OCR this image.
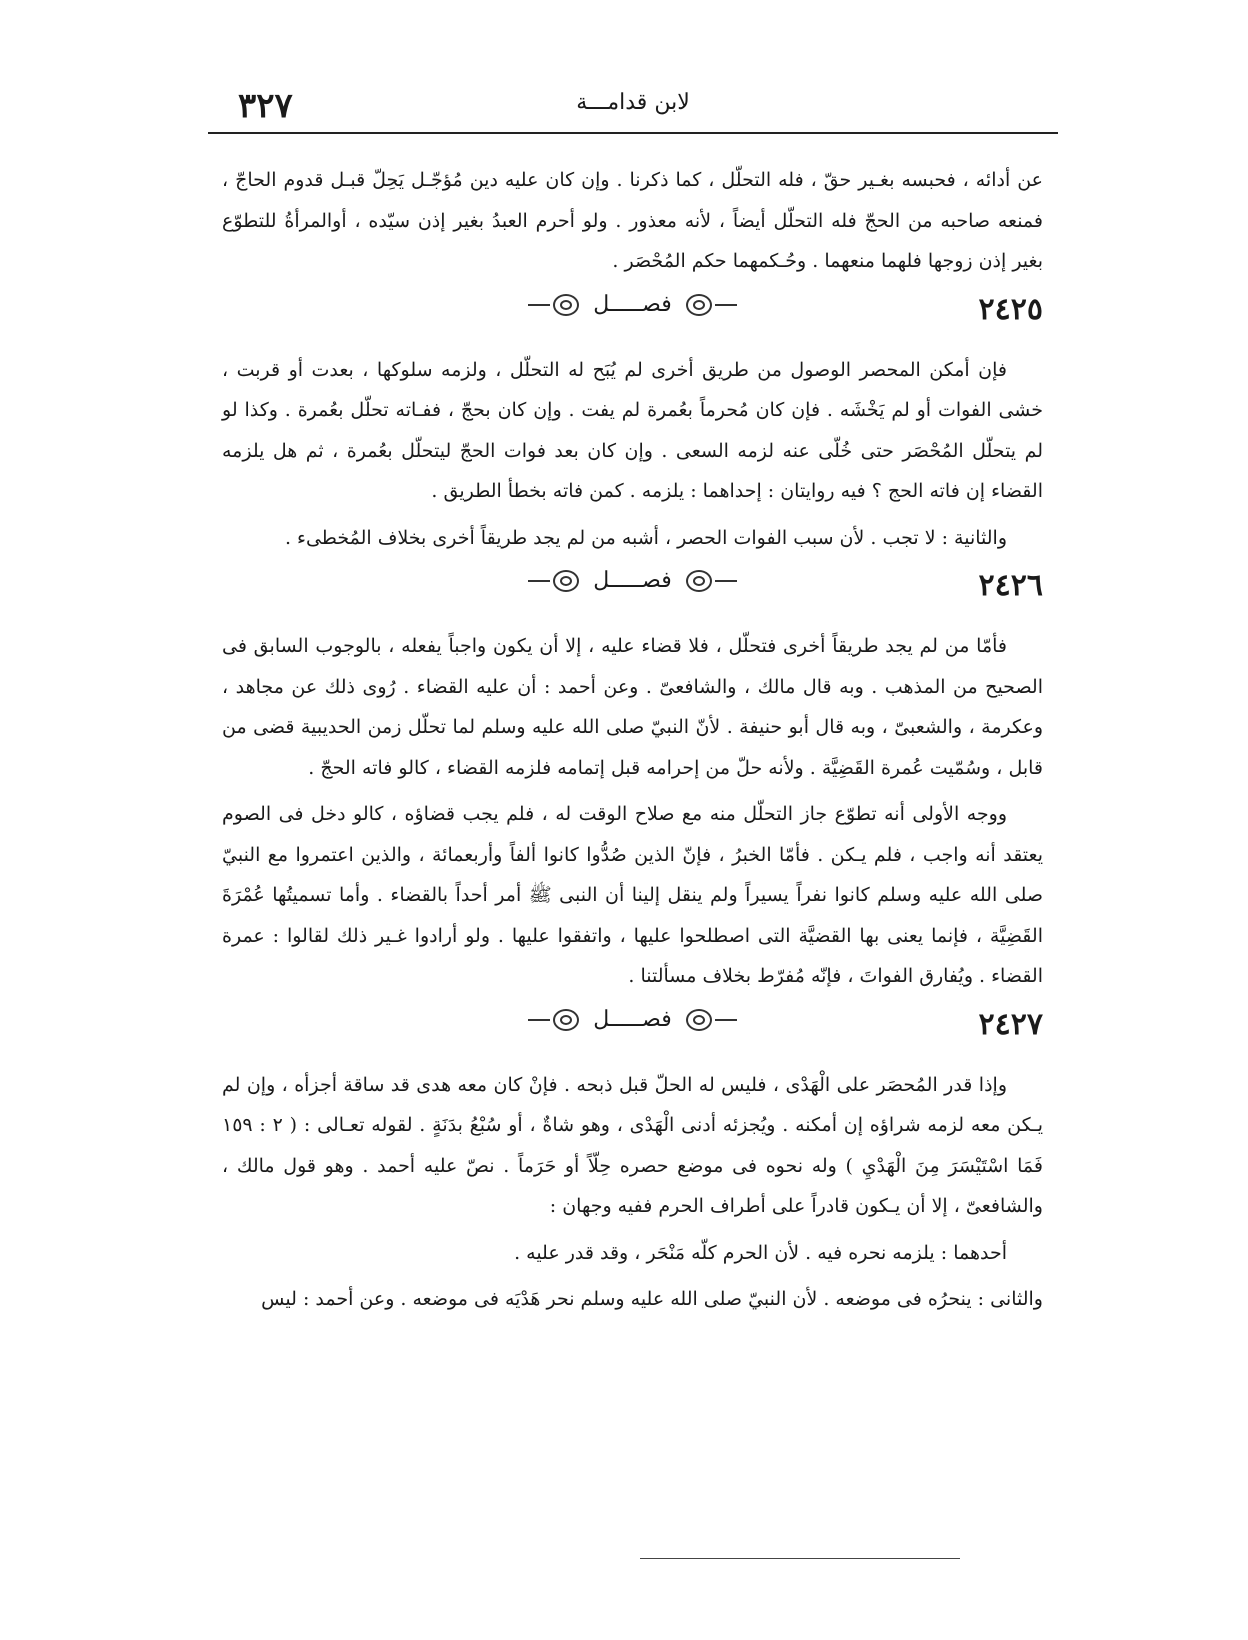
لابن قدامـــة
٣٢٧

عن أدائه ، فحبسه بغـير حقّ ، فله التحلّل ، كما ذكرنا . وإن كان عليه دين مُؤجّـل يَحِلّ قبـل قدوم الحاجّ ، فمنعه صاحبه من الحجّ فله التحلّل أيضاً ، لأنه معذور . ولو أحرم العبدُ بغير إذن سيّده ، أوالمرأةُ للتطوّع بغير إذن زوجها فلهما منعهما . وحُـكمهما حكم المُحْصَر .

٢٤٢٥
فصـــــل

فإن أمكن المحصر الوصول من طريق أخرى لم يُبَح له التحلّل ، ولزمه سلوكها ، بعدت أو قربت ، خشى الفوات أو لم يَخْشَه . فإن كان مُحرماً بعُمرة لم يفت . وإن كان بحجّ ، ففـاته تحلّل بعُمرة . وكذا لو لم يتحلّل المُحْصَر حتى خُلّى عنه لزمه السعى . وإن كان بعد فوات الحجّ ليتحلّل بعُمرة ، ثم هل يلزمه القضاء إن فاته الحج ؟ فيه روايتان : إحداهما : يلزمه . كمن فاته بخطأ الطريق .

والثانية : لا تجب . لأن سبب الفوات الحصر ، أشبه من لم يجد طريقاً أخرى بخلاف المُخطىء .

٢٤٢٦
فصـــــل

فأمّا من لم يجد طريقاً أخرى فتحلّل ، فلا قضاء عليه ، إلا أن يكون واجباً يفعله ، بالوجوب السابق فى الصحيح من المذهب . وبه قال مالك ، والشافعىّ . وعن أحمد : أن عليه القضاء . رُوى ذلك عن مجاهد ، وعكرمة ، والشعبىّ ، وبه قال أبو حنيفة . لأنّ النبيّ صلى الله عليه وسلم لما تحلّل زمن الحديبية قضى من قابل ، وسُمّيت عُمرة القَضِيَّة . ولأنه حلّ من إحرامه قبل إتمامه فلزمه القضاء ، كالو فاته الحجّ .

ووجه الأولى أنه تطوّع جاز التحلّل منه مع صلاح الوقت له ، فلم يجب قضاؤه ، كالو دخل فى الصوم يعتقد أنه واجب ، فلم يـكن . فأمّا الخبرُ ، فإنّ الذين صُدُّوا كانوا ألفاً وأربعمائة ، والذين اعتمروا مع النبيّ صلى الله عليه وسلم كانوا نفراً يسيراً ولم ينقل إلينا أن النبى ﷺ أمر أحداً بالقضاء . وأما تسميتُها عُمْرَةَ القَضِيَّة ، فإنما يعنى بها القضيَّة التى اصطلحوا عليها ، واتفقوا عليها . ولو أرادوا غـير ذلك لقالوا : عمرة القضاء . ويُفارق الفواتَ ، فإنّه مُفرّط بخلاف مسألتنا .

٢٤٢٧
فصـــــل

وإذا قدر المُحصَر على الْهَدْى ، فليس له الحلّ قبل ذبحه . فإنْ كان معه هدى قد ساقة أجزأه ، وإن لم يـكن معه لزمه شراؤه إن أمكنه . ويُجزئه أدنى الْهَدْى ، وهو شاةٌ ، أو سُبْعُ بدَنَةٍ . لقوله تعـالى : ( ٢ : ١٥٩ فَمَا اسْتَيْسَرَ مِنَ الْهَدْيِ ) وله نحوه فى موضع حصره حِلّاً أو حَرَماً . نصّ عليه أحمد . وهو قول مالك ، والشافعىّ ، إلا أن يـكون قادراً على أطراف الحرم ففيه وجهان :

أحدهما : يلزمه نحره فيه . لأن الحرم كلّه مَنْحَر ، وقد قدر عليه .

والثانى : ينحرُه فى موضعه . لأن النبيّ صلى الله عليه وسلم نحر هَدْيَه فى موضعه . وعن أحمد : ليس
